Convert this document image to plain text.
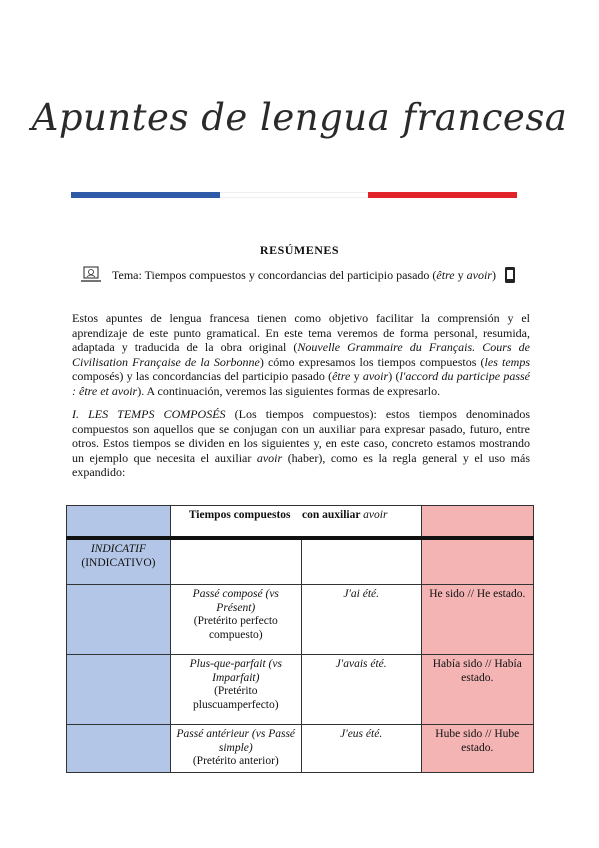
Apuntes de lengua francesa
RESÚMENES
Tema: Tiempos compuestos y concordancias del participio pasado ( être y avoir )
Estos apuntes de lengua francesa tienen como objetivo facilitar la comprensión y el aprendizaje de este punto gramatical. En este tema veremos de forma personal, resumida, adaptada y traducida de la obra original (Nouvelle Grammaire du Français. Cours de Civilisation Française de la Sorbonne) cómo expresamos los tiempos compuestos (les temps composés) y las concordancias del participio pasado (être y avoir) (l'accord du participe passé : être et avoir). A continuación, veremos las siguientes formas de expresarlo.
I. LES TEMPS COMPOSÉS (Los tiempos compuestos): estos tiempos denominados compuestos son aquellos que se conjugan con un auxiliar para expresar pasado, futuro, entre otros. Estos tiempos se dividen en los siguientes y, en este caso, concreto estamos mostrando un ejemplo que necesita el auxiliar avoir (haber), como es la regla general y el uso más expandido:
	Tiempos compuestos    con auxiliar avoir		

INDICATIF
(INDICATIVO)			

	Passé composé (vs Présent)
(Pretérito perfecto compuesto)	J'ai été.	He sido // He estado.

	Plus-que-parfait (vs Imparfait)
(Pretérito pluscuamperfecto)	J'avais été.	Había sido // Había estado.

	Passé antérieur (vs Passé simple)
(Pretérito anterior)	J'eus été.	Hube sido // Hube estado.
